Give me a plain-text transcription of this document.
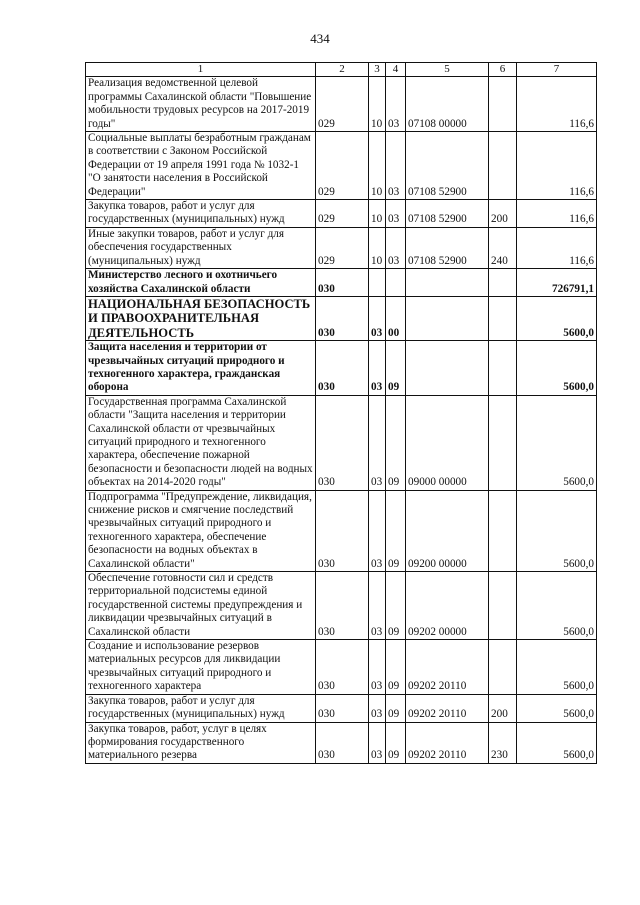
434
1	2	3	4	5	6	7
Реализация ведомственной целевой программы Сахалинской области "Повышение мобильности трудовых ресурсов на 2017-2019 годы"	029	10	03	07108 00000		116,6
Социальные выплаты безработным гражданам в соответствии с Законом Российской Федерации от 19 апреля 1991 года № 1032-1 "О занятости населения в Российской Федерации"	029	10	03	07108 52900		116,6
Закупка товаров, работ и услуг для государственных (муниципальных) нужд	029	10	03	07108 52900	200	116,6
Иные закупки товаров, работ и услуг для обеспечения государственных (муниципальных) нужд	029	10	03	07108 52900	240	116,6
Министерство лесного и охотничьего хозяйства Сахалинской области	030					726791,1
НАЦИОНАЛЬНАЯ БЕЗОПАСНОСТЬ И ПРАВООХРАНИТЕЛЬНАЯ ДЕЯТЕЛЬНОСТЬ	030	03	00			5600,0
Защита населения и территории от чрезвычайных ситуаций природного и техногенного характера, гражданская оборона	030	03	09			5600,0
Государственная программа Сахалинской области "Защита населения и территории Сахалинской области от чрезвычайных ситуаций природного и техногенного характера, обеспечение пожарной безопасности и безопасности людей на водных объектах на 2014-2020 годы"	030	03	09	09000 00000		5600,0
Подпрограмма "Предупреждение, ликвидация, снижение рисков и смягчение последствий чрезвычайных ситуаций природного и техногенного характера, обеспечение безопасности на водных объектах в Сахалинской области"	030	03	09	09200 00000		5600,0
Обеспечение готовности сил и средств территориальной подсистемы единой государственной системы предупреждения и ликвидации чрезвычайных ситуаций в Сахалинской области	030	03	09	09202 00000		5600,0
Создание и использование резервов материальных ресурсов для ликвидации чрезвычайных ситуаций природного и техногенного характера	030	03	09	09202 20110		5600,0
Закупка товаров, работ и услуг для государственных (муниципальных) нужд	030	03	09	09202 20110	200	5600,0
Закупка товаров, работ, услуг в целях формирования государственного материального резерва	030	03	09	09202 20110	230	5600,0
